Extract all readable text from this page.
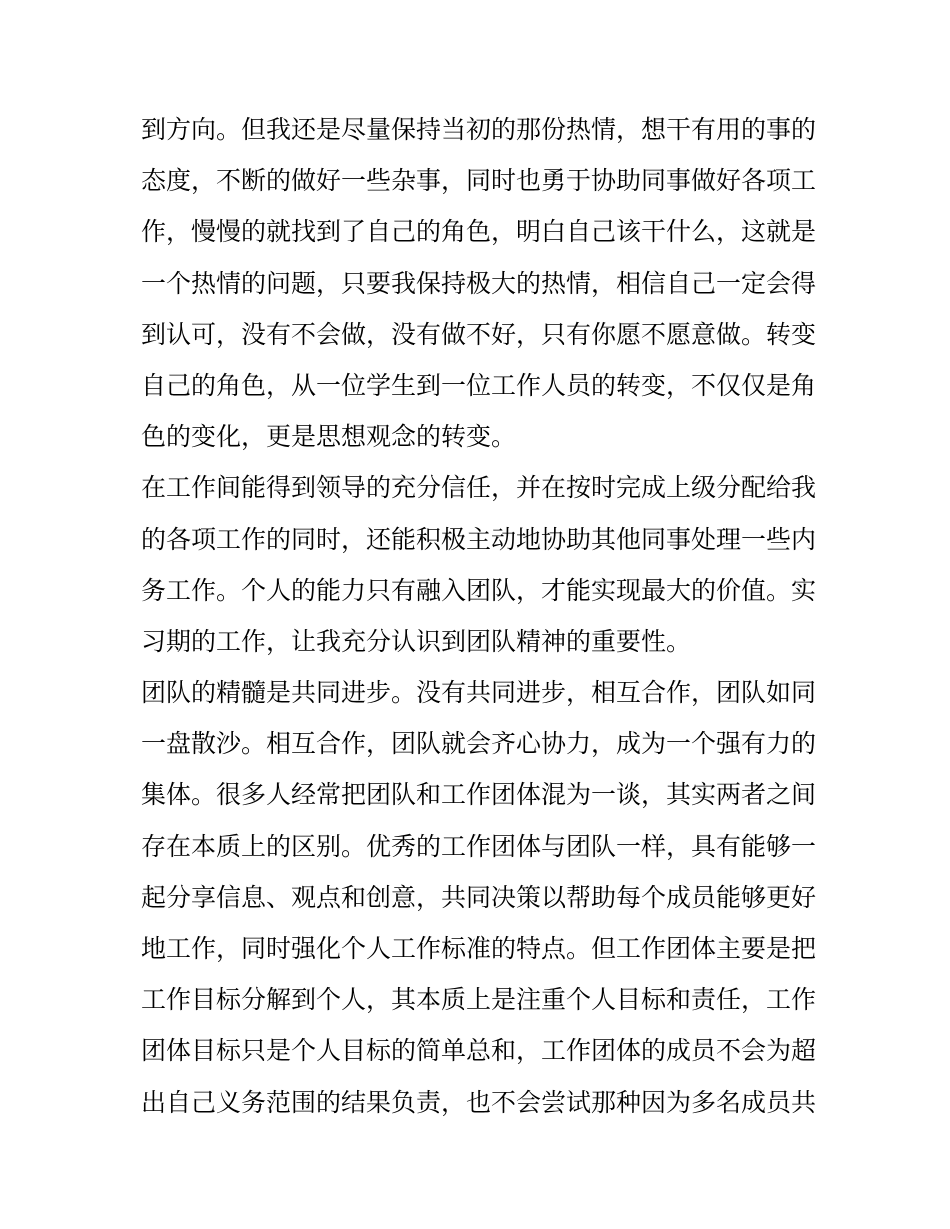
到方向。但我还是尽量保持当初的那份热情，想干有用的事的
态度，不断的做好一些杂事，同时也勇于协助同事做好各项工
作，慢慢的就找到了自己的角色，明白自己该干什么，这就是
一个热情的问题，只要我保持极大的热情，相信自己一定会得
到认可，没有不会做，没有做不好，只有你愿不愿意做。转变
自己的角色，从一位学生到一位工作人员的转变，不仅仅是角
色的变化，更是思想观念的转变。
在工作间能得到领导的充分信任，并在按时完成上级分配给我
的各项工作的同时，还能积极主动地协助其他同事处理一些内
务工作。个人的能力只有融入团队，才能实现最大的价值。实
习期的工作，让我充分认识到团队精神的重要性。
团队的精髓是共同进步。没有共同进步，相互合作，团队如同
一盘散沙。相互合作，团队就会齐心协力，成为一个强有力的
集体。很多人经常把团队和工作团体混为一谈，其实两者之间
存在本质上的区别。优秀的工作团体与团队一样，具有能够一
起分享信息、观点和创意，共同决策以帮助每个成员能够更好
地工作，同时强化个人工作标准的特点。但工作团体主要是把
工作目标分解到个人，其本质上是注重个人目标和责任，工作
团体目标只是个人目标的简单总和，工作团体的成员不会为超
出自己义务范围的结果负责，也不会尝试那种因为多名成员共
